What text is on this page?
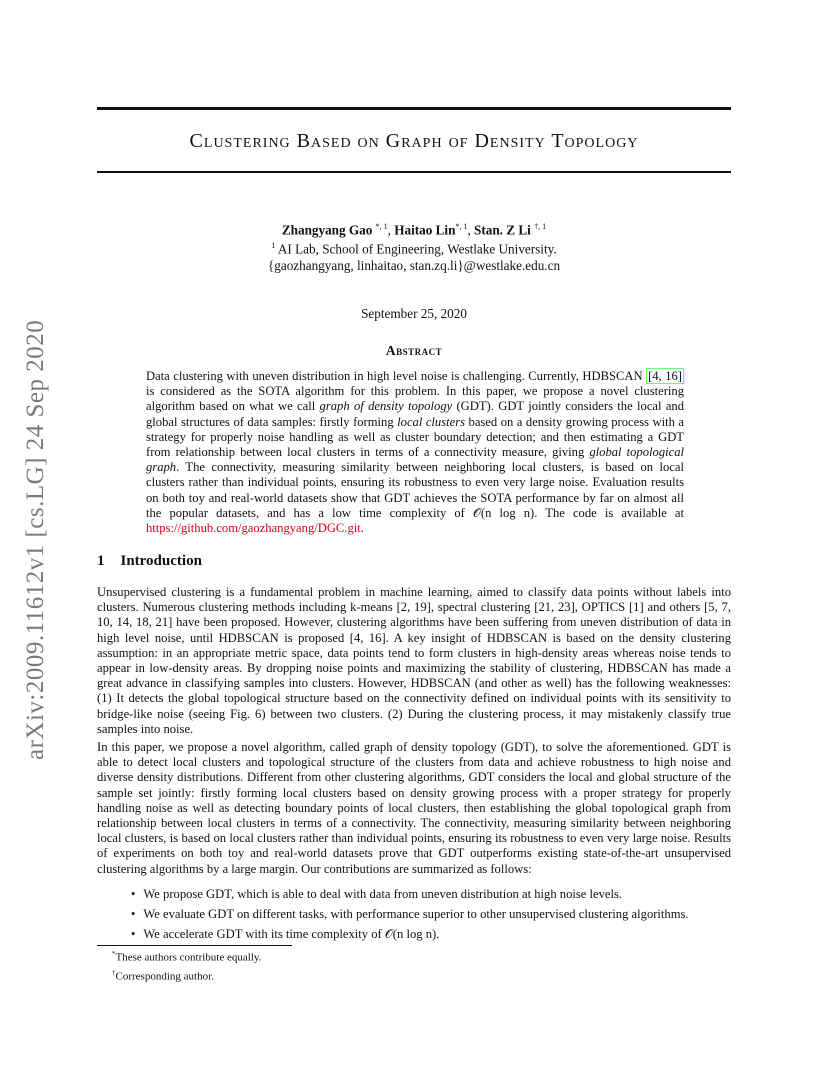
arXiv:2009.11612v1 [cs.LG] 24 Sep 2020
Clustering Based on Graph of Density Topology
Zhangyang Gao $^{*, 1}$, Haitao Lin$^{*, 1}$, Stan. Z Li $^{\dagger, 1}$
$^1$ AI Lab, School of Engineering, Westlake University.
{gaozhangyang, linhaitao, stan.zq.li}@westlake.edu.cn
September 25, 2020
Abstract
Data clustering with uneven distribution in high level noise is challenging. Currently, HDBSCAN [4, 16] is considered as the SOTA algorithm for this problem. In this paper, we propose a novel clustering algorithm based on what we call graph of density topology (GDT). GDT jointly considers the local and global structures of data samples: firstly forming local clusters based on a density growing process with a strategy for properly noise handling as well as cluster boundary detection; and then estimating a GDT from relationship between local clusters in terms of a connectivity measure, giving global topological graph. The connectivity, measuring similarity between neighboring local clusters, is based on local clusters rather than individual points, ensuring its robustness to even very large noise. Evaluation results on both toy and real-world datasets show that GDT achieves the SOTA performance by far on almost all the popular datasets, and has a low time complexity of 𝒪(n log n). The code is available at https://github.com/gaozhangyang/DGC.git.
1 Introduction
Unsupervised clustering is a fundamental problem in machine learning, aimed to classify data points without labels into clusters. Numerous clustering methods including k-means [2, 19], spectral clustering [21, 23], OPTICS [1] and others [5, 7, 10, 14, 18, 21] have been proposed. However, clustering algorithms have been suffering from uneven distribution of data in high level noise, until HDBSCAN is proposed [4, 16]. A key insight of HDBSCAN is based on the density clustering assumption: in an appropriate metric space, data points tend to form clusters in high-density areas whereas noise tends to appear in low-density areas. By dropping noise points and maximizing the stability of clustering, HDBSCAN has made a great advance in classifying samples into clusters. However, HDBSCAN (and other as well) has the following weaknesses: (1) It detects the global topological structure based on the connectivity defined on individual points with its sensitivity to bridge-like noise (seeing Fig. 6) between two clusters. (2) During the clustering process, it may mistakenly classify true samples into noise.
In this paper, we propose a novel algorithm, called graph of density topology (GDT), to solve the aforementioned. GDT is able to detect local clusters and topological structure of the clusters from data and achieve robustness to high noise and diverse density distributions. Different from other clustering algorithms, GDT considers the local and global structure of the sample set jointly: firstly forming local clusters based on density growing process with a proper strategy for properly handling noise as well as detecting boundary points of local clusters, then establishing the global topological graph from relationship between local clusters in terms of a connectivity. The connectivity, measuring similarity between neighboring local clusters, is based on local clusters rather than individual points, ensuring its robustness to even very large noise. Results of experiments on both toy and real-world datasets prove that GDT outperforms existing state-of-the-art unsupervised clustering algorithms by a large margin. Our contributions are summarized as follows:
• We propose GDT, which is able to deal with data from uneven distribution at high noise levels.
• We evaluate GDT on different tasks, with performance superior to other unsupervised clustering algorithms.
• We accelerate GDT with its time complexity of 𝒪(n log n).
*These authors contribute equally.
†Corresponding author.
